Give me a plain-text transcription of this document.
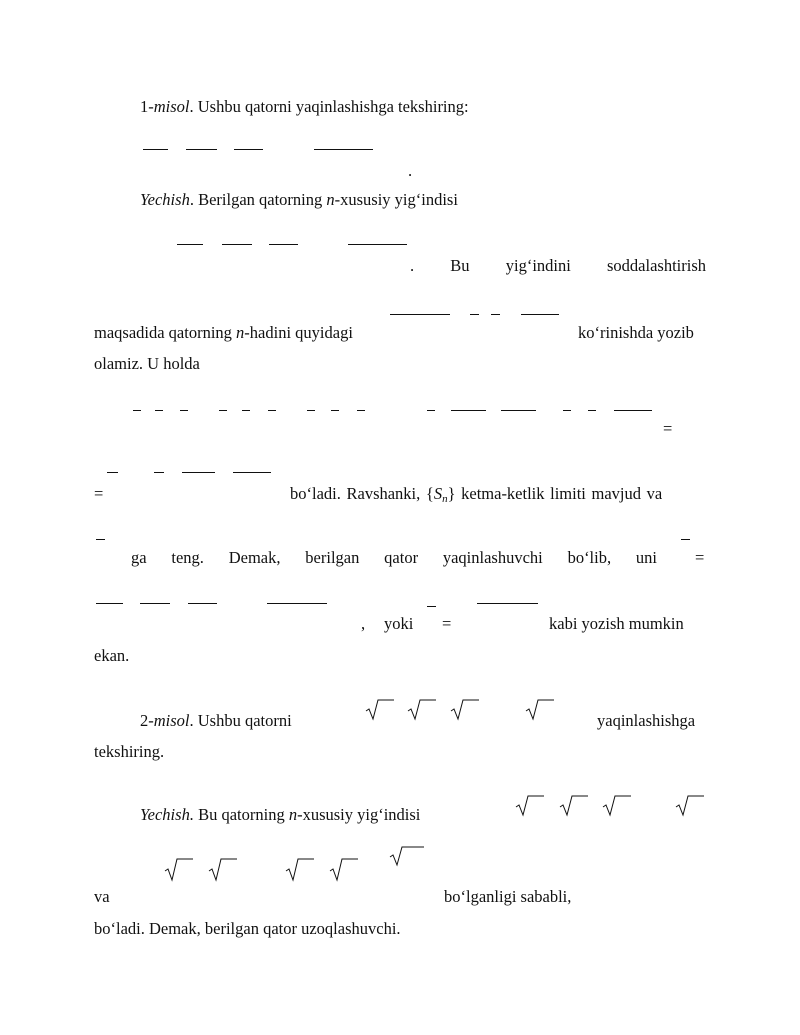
1-misol. Ushbu qatorni yaqinlashishga tekshiring:
.
Yechish. Berilgan qatorning n-xususiy yig‘indisi
. Bu yig‘indini soddalashtirish
maqsadida qatorning n-hadini quyidagi	ko‘rinishda yozib
olamiz. U holda
=
=	bo‘ladi. Ravshanki, $\{S_n\}$ ketma-ketlik limiti mavjud va
ga teng. Demak, berilgan qator yaqinlashuvchi bo‘lib, uni =
, yoki =	kabi yozish mumkin
ekan.
2-misol. Ushbu qatorni	yaqinlashishga
tekshiring.
Yechish. Bu qatorning n-xususiy yig‘indisi
va	bo‘lganligi sababli,
bo‘ladi. Demak, berilgan qator uzoqlashuvchi.
